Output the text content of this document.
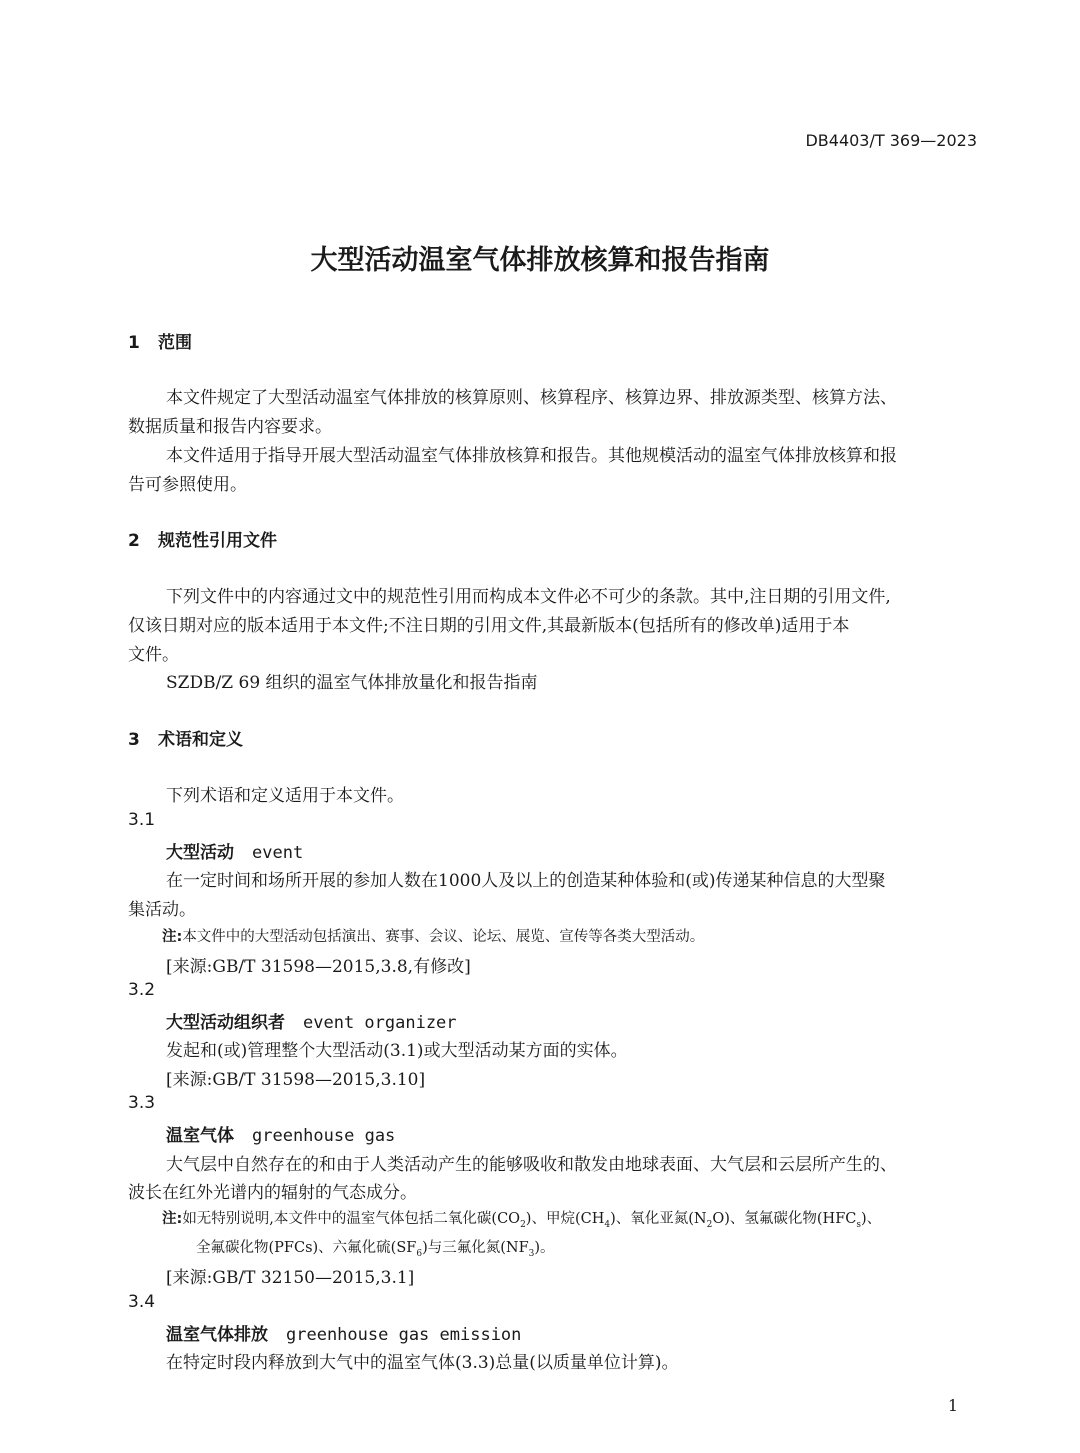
DB4403/T 369—2023
大型活动温室气体排放核算和报告指南
1 范围
本文件规定了大型活动温室气体排放的核算原则、核算程序、核算边界、排放源类型、核算方法、
数据质量和报告内容要求。
本文件适用于指导开展大型活动温室气体排放核算和报告。其他规模活动的温室气体排放核算和报
告可参照使用。
2 规范性引用文件
下列文件中的内容通过文中的规范性引用而构成本文件必不可少的条款。其中,注日期的引用文件,
仅该日期对应的版本适用于本文件;不注日期的引用文件,其最新版本(包括所有的修改单)适用于本
文件。
SZDB/Z 69 组织的温室气体排放量化和报告指南
3 术语和定义
下列术语和定义适用于本文件。
3.1
大型活动 event
在一定时间和场所开展的参加人数在1000人及以上的创造某种体验和(或)传递某种信息的大型聚
集活动。
注:本文件中的大型活动包括演出、赛事、会议、论坛、展览、宣传等各类大型活动。
[来源:GB/T 31598—2015,3.8,有修改]
3.2
大型活动组织者 event organizer
发起和(或)管理整个大型活动(3.1)或大型活动某方面的实体。
[来源:GB/T 31598—2015,3.10]
3.3
温室气体 greenhouse gas
大气层中自然存在的和由于人类活动产生的能够吸收和散发由地球表面、大气层和云层所产生的、
波长在红外光谱内的辐射的气态成分。
注:如无特别说明,本文件中的温室气体包括二氧化碳$(CO_2)$、甲烷$(CH_4)$、氧化亚氮$(N_2O)$、氢氟碳化物$(HFC_s)$、
全氟碳化物(PFCs)、六氟化硫$(SF_6)$与三氟化氮$(NF_3)$。
[来源:GB/T 32150—2015,3.1]
3.4
温室气体排放 greenhouse gas emission
在特定时段内释放到大气中的温室气体(3.3)总量(以质量单位计算)。
1
